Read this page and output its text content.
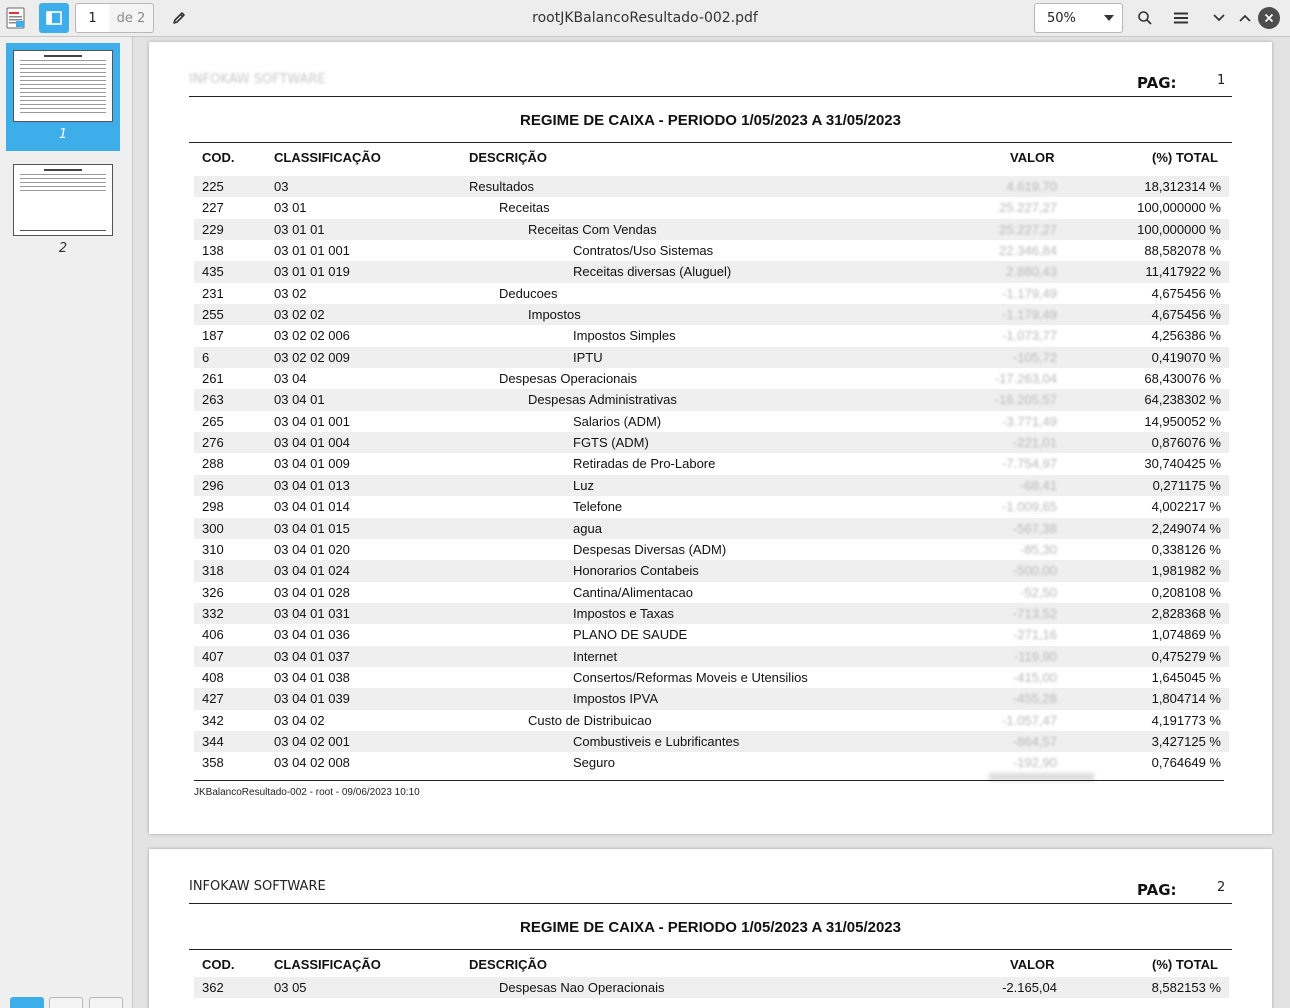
1	de 2	rootJKBalancoResultado-002.pdf	50%
1
2
INFOKAW SOFTWARE	PAG:	1
REGIME DE CAIXA - PERIODO 1/05/2023 A 31/05/2023
COD.	CLASSIFICAÇÃO	DESCRIÇÃO	VALOR	(%) TOTAL
225	03	Resultados	4.619,70	18,312314 %
227	03 01	Receitas	25.227,27	100,000000 %
229	03 01 01	Receitas Com Vendas	25.227,27	100,000000 %
138	03 01 01 001	Contratos/Uso Sistemas	22.346,84	88,582078 %
435	03 01 01 019	Receitas diversas (Aluguel)	2.880,43	11,417922 %
231	03 02	Deducoes	-1.179,49	4,675456 %
255	03 02 02	Impostos	-1.179,49	4,675456 %
187	03 02 02 006	Impostos Simples	-1.073,77	4,256386 %
6	03 02 02 009	IPTU	-105,72	0,419070 %
261	03 04	Despesas Operacionais	-17.263,04	68,430076 %
263	03 04 01	Despesas Administrativas	-16.205,57	64,238302 %
265	03 04 01 001	Salarios (ADM)	-3.771,49	14,950052 %
276	03 04 01 004	FGTS (ADM)	-221,01	0,876076 %
288	03 04 01 009	Retiradas de Pro-Labore	-7.754,97	30,740425 %
296	03 04 01 013	Luz	-68,41	0,271175 %
298	03 04 01 014	Telefone	-1.009,65	4,002217 %
300	03 04 01 015	agua	-567,38	2,249074 %
310	03 04 01 020	Despesas Diversas (ADM)	-85,30	0,338126 %
318	03 04 01 024	Honorarios Contabeis	-500,00	1,981982 %
326	03 04 01 028	Cantina/Alimentacao	-52,50	0,208108 %
332	03 04 01 031	Impostos e Taxas	-713,52	2,828368 %
406	03 04 01 036	PLANO DE SAUDE	-271,16	1,074869 %
407	03 04 01 037	Internet	-119,90	0,475279 %
408	03 04 01 038	Consertos/Reformas Moveis e Utensilios	-415,00	1,645045 %
427	03 04 01 039	Impostos IPVA	-455,28	1,804714 %
342	03 04 02	Custo de Distribuicao	-1.057,47	4,191773 %
344	03 04 02 001	Combustiveis e Lubrificantes	-864,57	3,427125 %
358	03 04 02 008	Seguro	-192,90	0,764649 %
JKBalancoResultado-002 - root - 09/06/2023 10:10
INFOKAW SOFTWARE	PAG:	2
REGIME DE CAIXA - PERIODO 1/05/2023 A 31/05/2023
COD.	CLASSIFICAÇÃO	DESCRIÇÃO	VALOR	(%) TOTAL
362	03 05	Despesas Nao Operacionais	-2.165,04	8,582153 %
